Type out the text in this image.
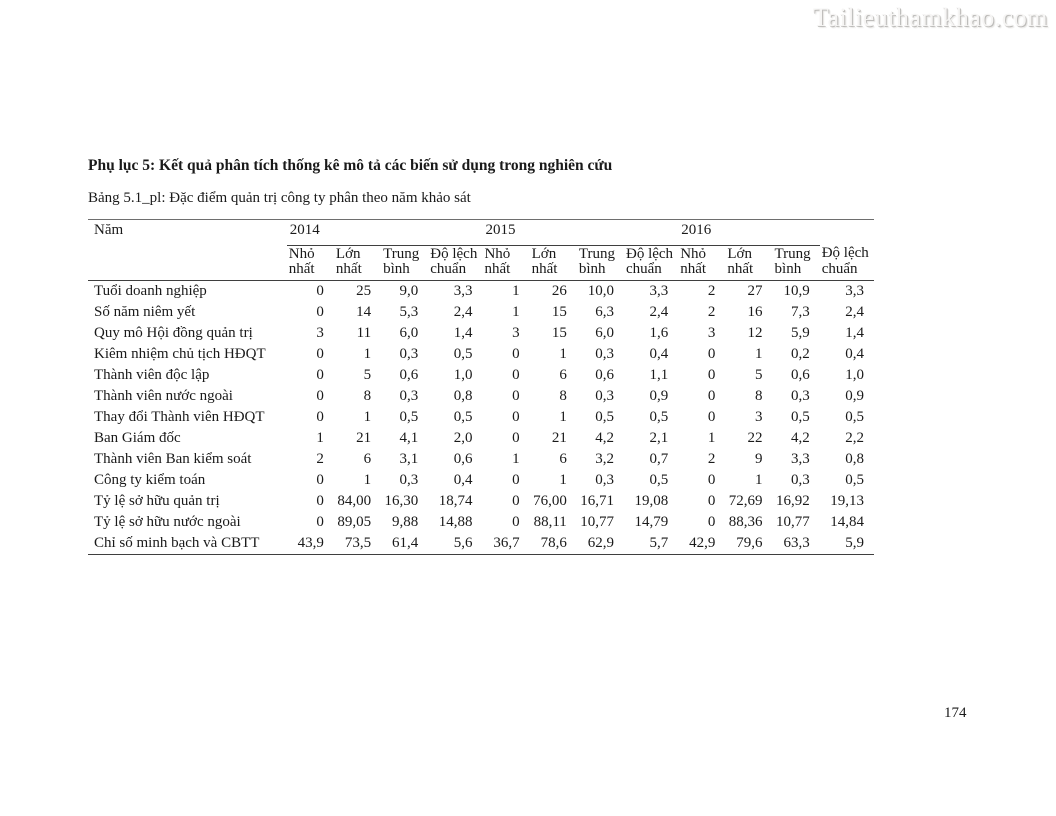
Tailieuthamkhao.com

Phụ lục 5: Kết quả phân tích thống kê mô tả các biến sử dụng trong nghiên cứu

Bảng 5.1_pl: Đặc điểm quản trị công ty phân theo năm khảo sát

Năm	2014				2015				2016			
	Nhỏ nhất	Lớn nhất	Trung bình	Độ lệch chuẩn	Nhỏ nhất	Lớn nhất	Trung bình	Độ lệch chuẩn	Nhỏ nhất	Lớn nhất	Trung bình	Độ lệch chuẩn
Tuổi doanh nghiệp	0	25	9,0	3,3	1	26	10,0	3,3	2	27	10,9	3,3
Số năm niêm yết	0	14	5,3	2,4	1	15	6,3	2,4	2	16	7,3	2,4
Quy mô Hội đồng quản trị	3	11	6,0	1,4	3	15	6,0	1,6	3	12	5,9	1,4
Kiêm nhiệm chủ tịch HĐQT	0	1	0,3	0,5	0	1	0,3	0,4	0	1	0,2	0,4
Thành viên độc lập	0	5	0,6	1,0	0	6	0,6	1,1	0	5	0,6	1,0
Thành viên nước ngoài	0	8	0,3	0,8	0	8	0,3	0,9	0	8	0,3	0,9
Thay đổi Thành viên HĐQT	0	1	0,5	0,5	0	1	0,5	0,5	0	3	0,5	0,5
Ban Giám đốc	1	21	4,1	2,0	0	21	4,2	2,1	1	22	4,2	2,2
Thành viên Ban kiểm soát	2	6	3,1	0,6	1	6	3,2	0,7	2	9	3,3	0,8
Công ty kiểm toán	0	1	0,3	0,4	0	1	0,3	0,5	0	1	0,3	0,5
Tỷ lệ sở hữu quản trị	0	84,00	16,30	18,74	0	76,00	16,71	19,08	0	72,69	16,92	19,13
Tỷ lệ sở hữu nước ngoài	0	89,05	9,88	14,88	0	88,11	10,77	14,79	0	88,36	10,77	14,84
Chỉ số minh bạch và CBTT	43,9	73,5	61,4	5,6	36,7	78,6	62,9	5,7	42,9	79,6	63,3	5,9
174
